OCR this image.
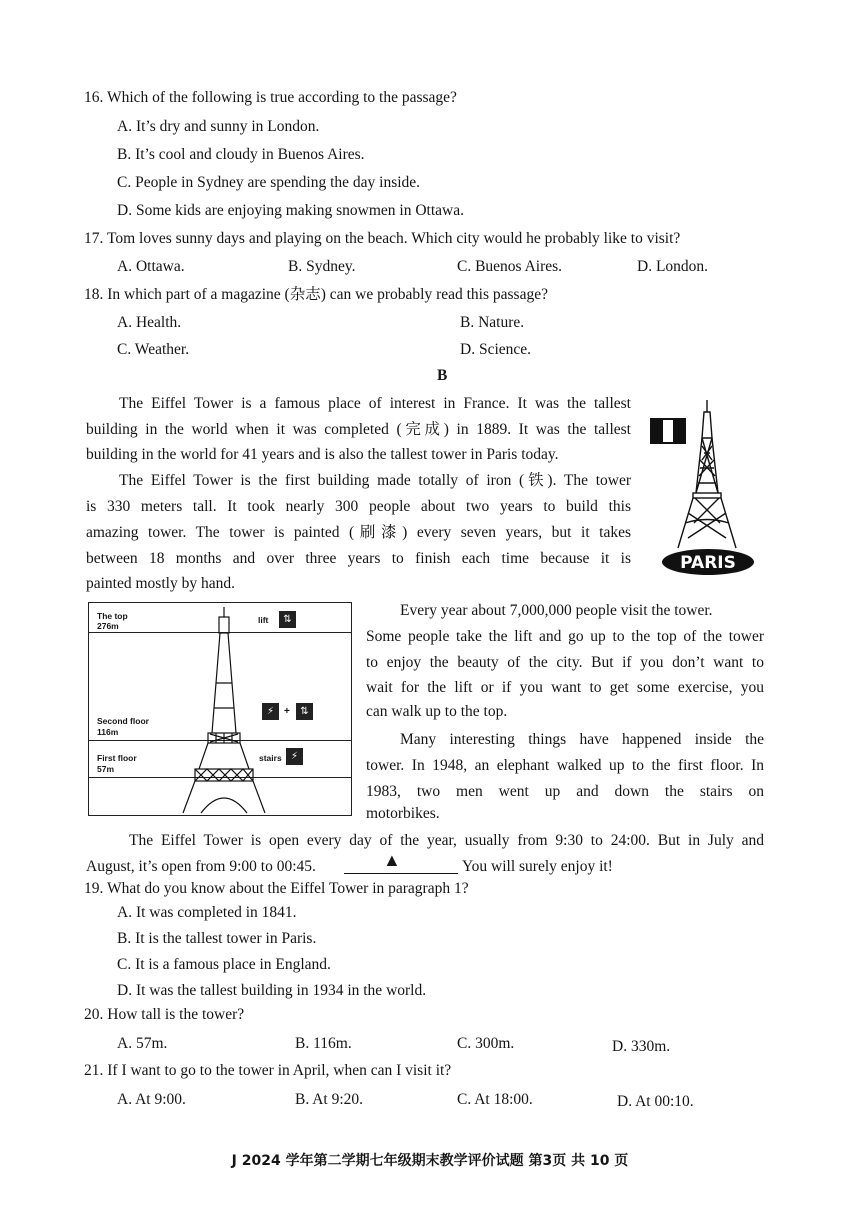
16. Which of the following is true according to the passage?
A. It’s dry and sunny in London.
B. It’s cool and cloudy in Buenos Aires.
C. People in Sydney are spending the day inside.
D. Some kids are enjoying making snowmen in Ottawa.
17. Tom loves sunny days and playing on the beach. Which city would he probably like to visit?
A. Ottawa.	B. Sydney.	C. Buenos Aires.	D. London.
18. In which part of a magazine (杂志) can we probably read this passage?
A. Health.	B. Nature.
C. Weather.	D. Science.
B
The Eiffel Tower is a famous place of interest in France. It was the tallest
building in the world when it was completed (完成) in 1889. It was the tallest
building in the world for 41 years and is also the tallest tower in Paris today.
The Eiffel Tower is the first building made totally of iron (铁). The tower
is 330 meters tall. It took nearly 300 people about two years to build this
amazing tower. The tower is painted (刷漆) every seven years, but it takes
between 18 months and over three years to finish each time because it is
painted mostly by hand.
PARIS
The top
276m
Second floor
116m
First floor
57m
lift	⇅
⚡ +	⇅
stairs ⚡
Every year about 7,000,000 people visit the tower.
Some people take the lift and go up to the top of the tower
to enjoy the beauty of the city. But if you don’t want to
wait for the lift or if you want to get some exercise, you
can walk up to the top.
Many interesting things have happened inside the
tower. In 1948, an elephant walked up to the first floor. In
1983, two men went up and down the stairs on
motorbikes.
The Eiffel Tower is open every day of the year, usually from 9:30 to 24:00. But in July and
August, it’s open from 9:00 to 00:45.	▲	You will surely enjoy it!
19. What do you know about the Eiffel Tower in paragraph 1?
A. It was completed in 1841.
B. It is the tallest tower in Paris.
C. It is a famous place in England.
D. It was the tallest building in 1934 in the world.
20. How tall is the tower?
A. 57m.	B. 116m.	C. 300m.	D. 330m.
21. If I want to go to the tower in April, when can I visit it?
A. At 9:00.	B. At 9:20.	C. At 18:00.	D. At 00:10.
J 2024 学年第二学期七年级期末教学评价试题 第3页 共 10 页
